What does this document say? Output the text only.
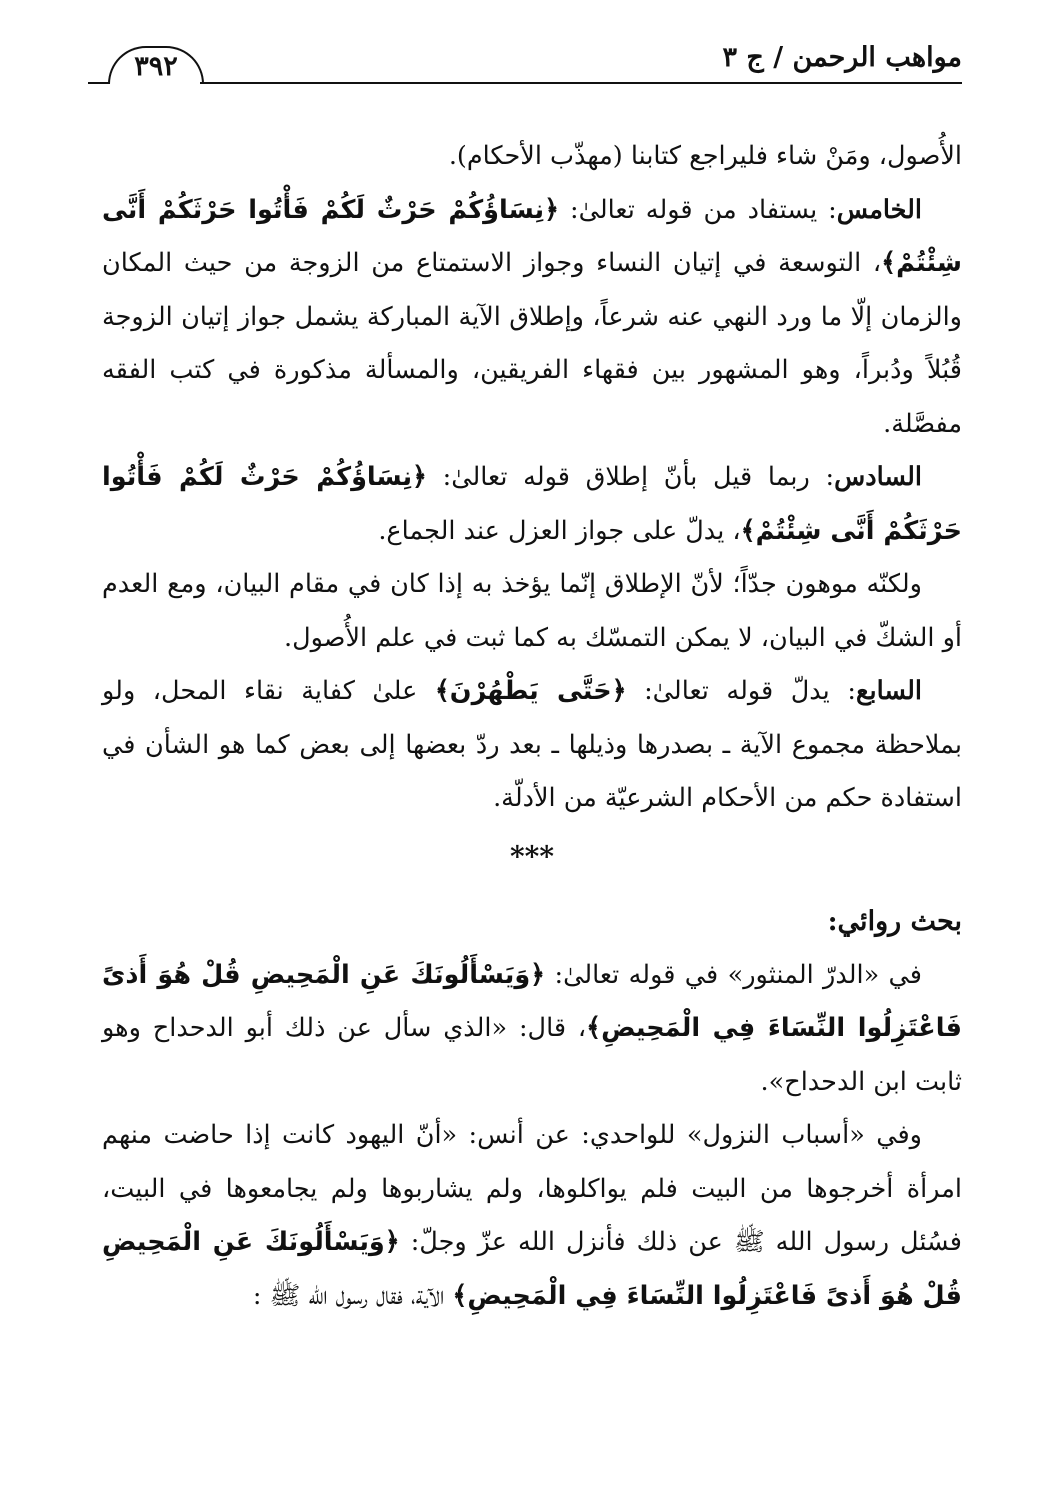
مواهب الرحمن / ج ٣
٣٩٢

الأُصول، ومَنْ شاء فليراجع كتابنا (مهذّب الأحكام).

الخامس: يستفاد من قوله تعالىٰ: ﴿نِسَاؤُكُمْ حَرْثٌ لَكُمْ فَأْتُوا حَرْثَكُمْ أَنَّى شِئْتُمْ﴾، التوسعة في إتيان النساء وجواز الاستمتاع من الزوجة من حيث المكان والزمان إلّا ما ورد النهي عنه شرعاً، وإطلاق الآية المباركة يشمل جواز إتيان الزوجة قُبُلاً ودُبراً، وهو المشهور بين فقهاء الفريقين، والمسألة مذكورة في كتب الفقه مفصَّلة.

السادس: ربما قيل بأنّ إطلاق قوله تعالىٰ: ﴿نِسَاؤُكُمْ حَرْثٌ لَكُمْ فَأْتُوا حَرْثَكُمْ أَنَّى شِئْتُمْ﴾، يدلّ على جواز العزل عند الجماع.

ولكنّه موهون جدّاً؛ لأنّ الإطلاق إنّما يؤخذ به إذا كان في مقام البيان، ومع العدم أو الشكّ في البيان، لا يمكن التمسّك به كما ثبت في علم الأُصول.

السابع: يدلّ قوله تعالىٰ: ﴿حَتَّى يَطْهُرْنَ﴾ علىٰ كفاية نقاء المحل، ولو بملاحظة مجموع الآية ـ بصدرها وذيلها ـ بعد ردّ بعضها إلى بعض كما هو الشأن في استفادة حكم من الأحكام الشرعيّة من الأدلّة.

***

بحث روائي:

في «الدرّ المنثور» في قوله تعالىٰ: ﴿وَيَسْأَلُونَكَ عَنِ الْمَحِيضِ قُلْ هُوَ أَذىً فَاعْتَزِلُوا النِّسَاءَ فِي الْمَحِيضِ﴾، قال: «الذي سأل عن ذلك أبو الدحداح وهو ثابت ابن الدحداح».

وفي «أسباب النزول» للواحدي: عن أنس: «أنّ اليهود كانت إذا حاضت منهم امرأة أخرجوها من البيت فلم يواكلوها، ولم يشاربوها ولم يجامعوها في البيت، فسُئل رسول الله ﷺ عن ذلك فأنزل الله عزّ وجلّ: ﴿وَيَسْأَلُونَكَ عَنِ الْمَحِيضِ قُلْ هُوَ أَذىً فَاعْتَزِلُوا النِّسَاءَ فِي الْمَحِيضِ﴾ الآية، فقال رسول الله ﷺ :
